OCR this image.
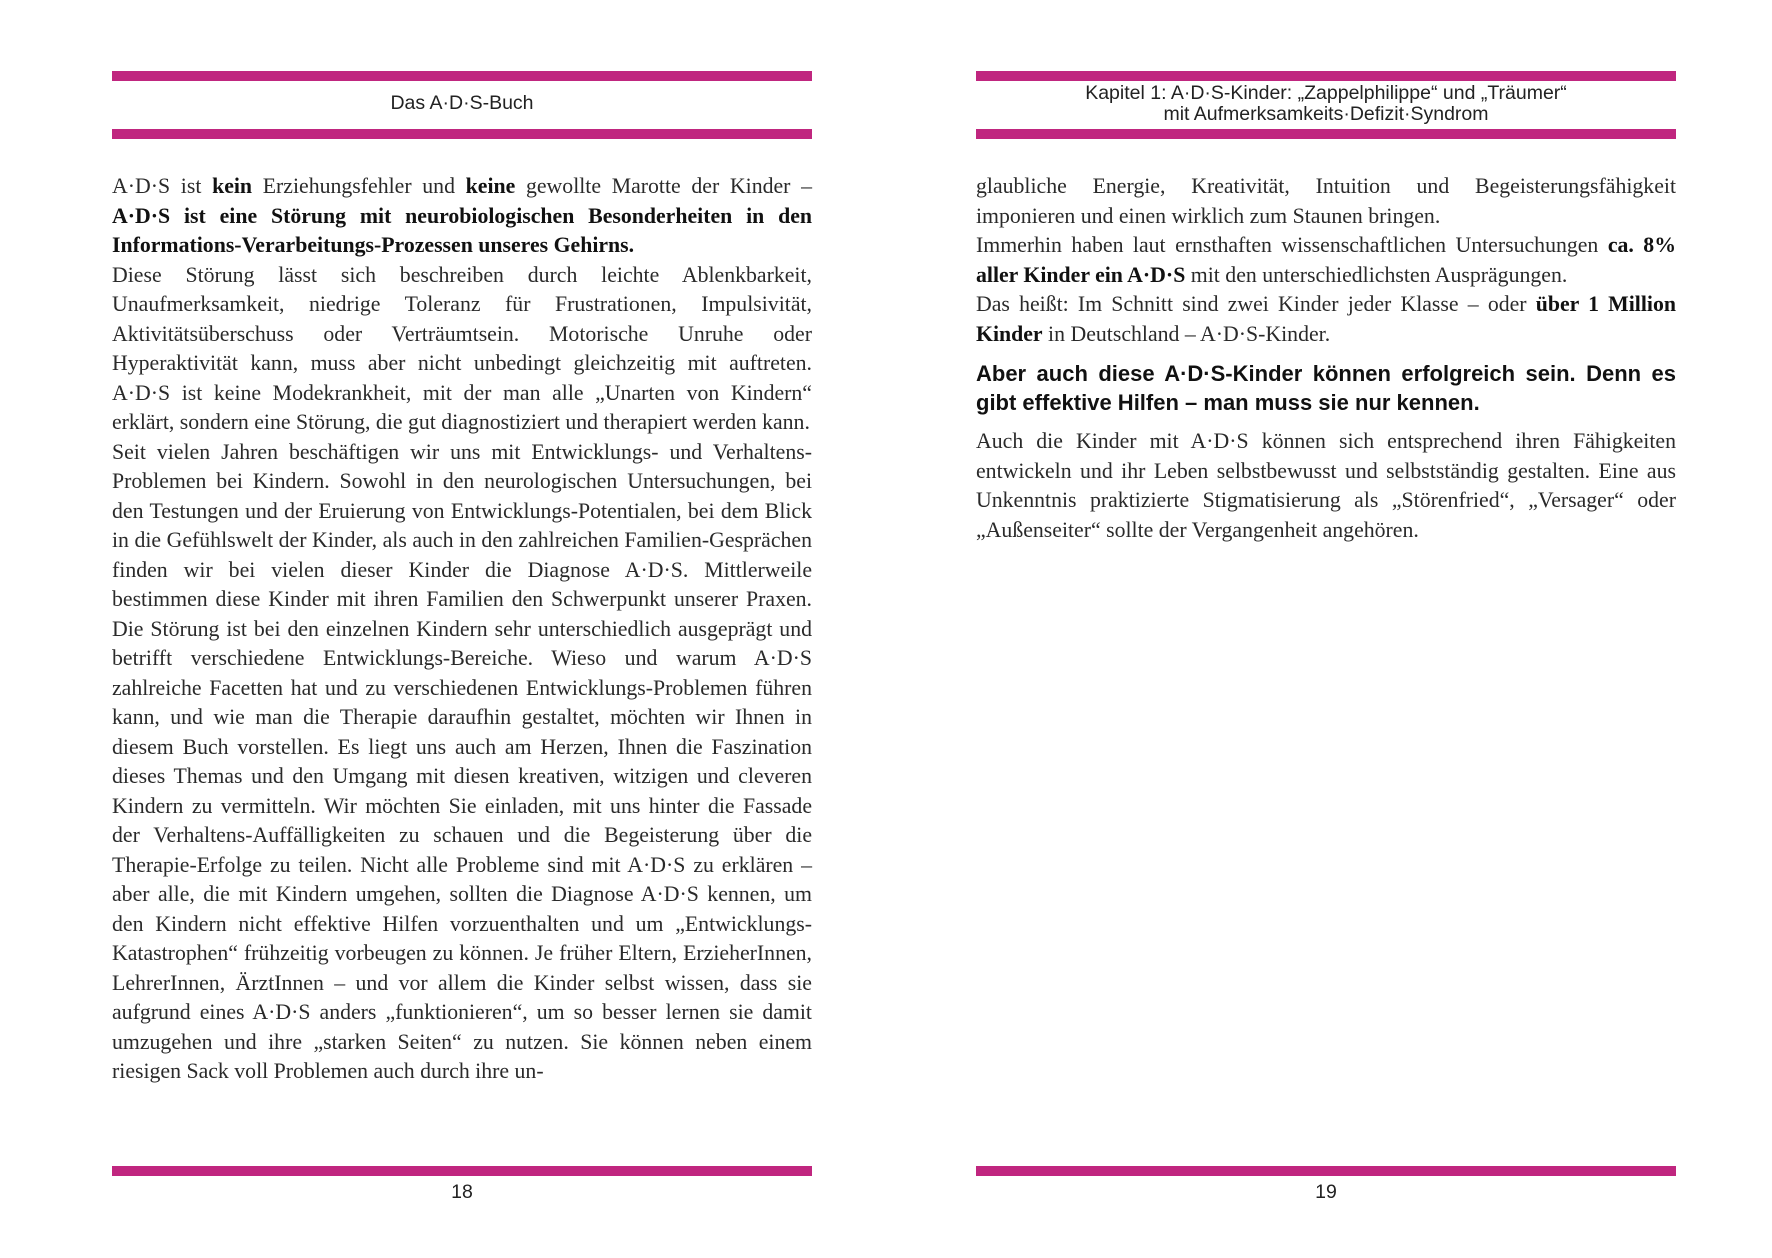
Das A·D·S-Buch

A·D·S ist kein Erziehungsfehler und keine gewollte Marotte der Kinder – A·D·S ist eine Störung mit neurobiologischen Besonderheiten in den Informations-Verarbeitungs-Prozessen unseres Gehirns.

Diese Störung lässt sich beschreiben durch leichte Ablenkbarkeit, Unaufmerksamkeit, niedrige Toleranz für Frustrationen, Impulsivität, Aktivitätsüberschuss oder Verträumtsein. Motorische Unruhe oder Hyperaktivität kann, muss aber nicht unbedingt gleichzeitig mit auftreten. A·D·S ist keine Modekrankheit, mit der man alle „Unarten von Kindern“ erklärt, sondern eine Störung, die gut diagnostiziert und therapiert werden kann.

Seit vielen Jahren beschäftigen wir uns mit Entwicklungs- und Verhaltens-Problemen bei Kindern. Sowohl in den neurologischen Untersuchungen, bei den Testungen und der Eruierung von Entwicklungs-Potentialen, bei dem Blick in die Gefühlswelt der Kinder, als auch in den zahlreichen Familien-Gesprächen finden wir bei vielen dieser Kinder die Diagnose A·D·S. Mittlerweile bestimmen diese Kinder mit ihren Familien den Schwerpunkt unserer Praxen. Die Störung ist bei den einzelnen Kindern sehr unterschiedlich ausgeprägt und betrifft verschiedene Entwicklungs-Bereiche. Wieso und warum A·D·S zahlreiche Facetten hat und zu verschiedenen Entwicklungs-Problemen führen kann, und wie man die Therapie daraufhin gestaltet, möchten wir Ihnen in diesem Buch vorstellen. Es liegt uns auch am Herzen, Ihnen die Faszination dieses Themas und den Umgang mit diesen kreativen, witzigen und cleveren Kindern zu vermitteln. Wir möchten Sie einladen, mit uns hinter die Fassade der Verhaltens-Auffälligkeiten zu schauen und die Begeisterung über die Therapie-Erfolge zu teilen. Nicht alle Probleme sind mit A·D·S zu erklären – aber alle, die mit Kindern umgehen, sollten die Diagnose A·D·S kennen, um den Kindern nicht effektive Hilfen vorzuenthalten und um „Entwicklungs-Katastrophen“ frühzeitig vorbeugen zu können. Je früher Eltern, ErzieherInnen, LehrerInnen, ÄrztInnen – und vor allem die Kinder selbst wissen, dass sie aufgrund eines A·D·S anders „funktionieren“, um so besser lernen sie damit umzugehen und ihre „starken Seiten“ zu nutzen. Sie können neben einem riesigen Sack voll Problemen auch durch ihre un-

18
Kapitel 1: A·D·S-Kinder: „Zappelphilippe“ und „Träumer“
mit Aufmerksamkeits·Defizit·Syndrom

glaubliche Energie, Kreativität, Intuition und Begeisterungsfähigkeit imponieren und einen wirklich zum Staunen bringen.

Immerhin haben laut ernsthaften wissenschaftlichen Untersuchungen ca. 8% aller Kinder ein A·D·S mit den unterschiedlichsten Ausprägungen.

Das heißt: Im Schnitt sind zwei Kinder jeder Klasse – oder über 1 Million Kinder in Deutschland – A·D·S-Kinder.

Aber auch diese A·D·S-Kinder können erfolgreich sein. Denn es gibt effektive Hilfen – man muss sie nur kennen.

Auch die Kinder mit A·D·S können sich entsprechend ihren Fähigkeiten entwickeln und ihr Leben selbstbewusst und selbstständig gestalten. Eine aus Unkenntnis praktizierte Stigmatisierung als „Störenfried“, „Versager“ oder „Außenseiter“ sollte der Vergangenheit angehören.

19
